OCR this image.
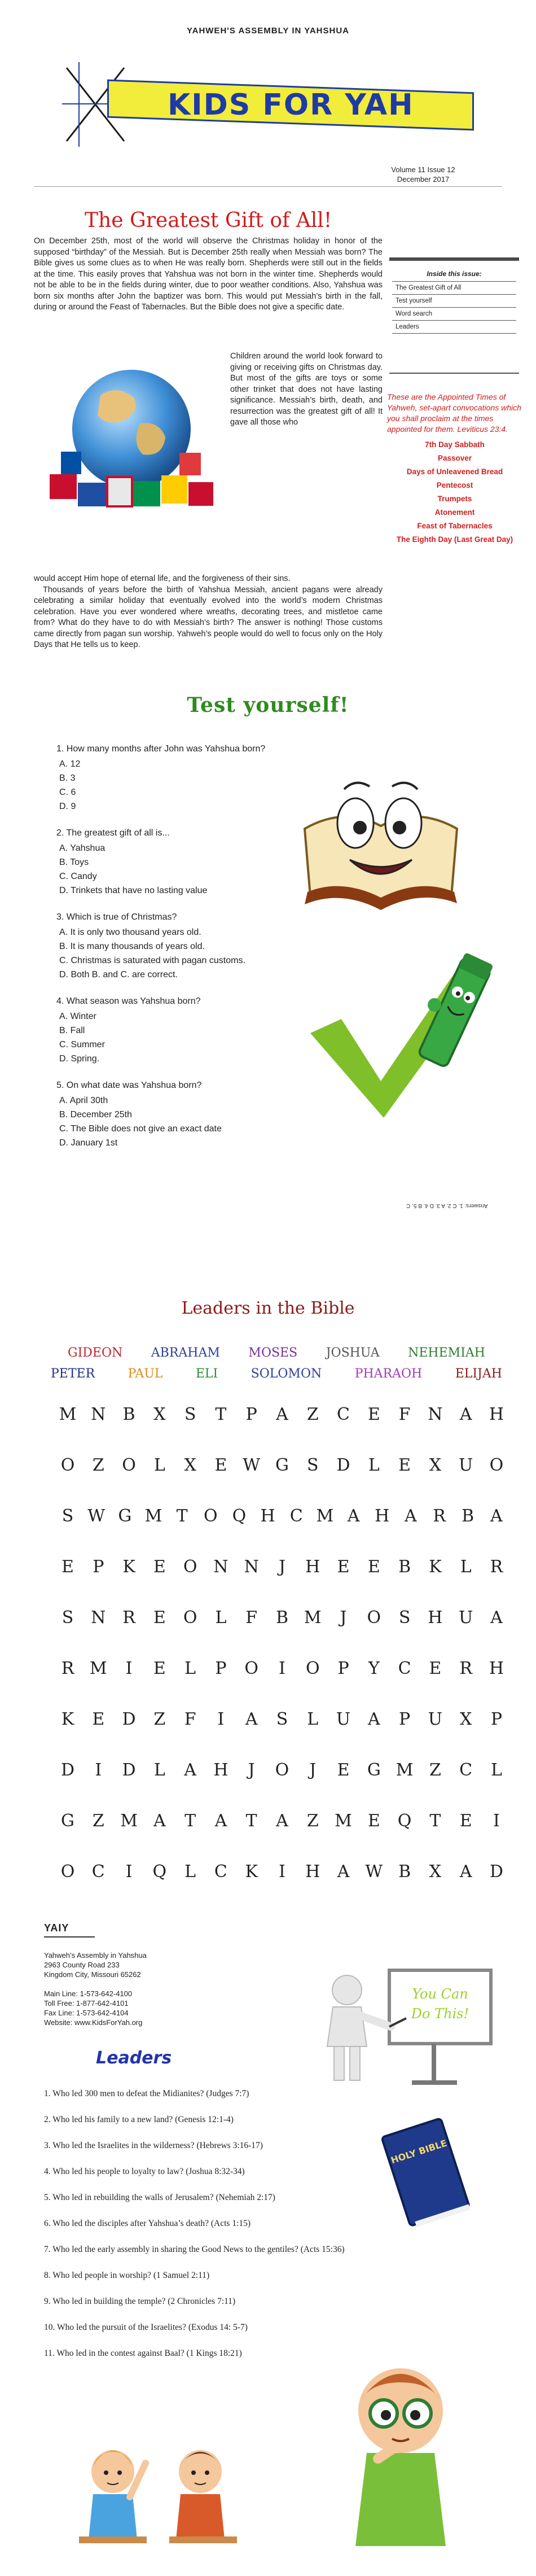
YAHWEH'S ASSEMBLY IN YAHSHUA
KIDS FOR YAH
Volume 11 Issue 12
December 2017
The Greatest Gift of All!

On December 25th, most of the world will observe the Christmas holiday in honor of the supposed “birthday” of the Messiah. But is December 25th really when Messiah was born? The Bible gives us some clues as to when He was really born. Shepherds were still out in the fields at the time. This easily proves that Yahshua was not born in the winter time. Shepherds would not be able to be in the fields during winter, due to poor weather conditions. Also, Yahshua was born six months after John the baptizer was born. This would put Messiah’s birth in the fall, during or around the Feast of Tabernacles. But the Bible does not give a specific date.

Children around the world look forward to giving or receiving gifts on Christmas day. But most of the gifts are toys or some other trinket that does not have lasting significance. Messiah’s birth, death, and resurrection was the greatest gift of all! It gave all those who

would accept Him hope of eternal life, and the forgiveness of their sins.

Thousands of years before the birth of Yahshua Messiah, ancient pagans were already celebrating a similar holiday that eventually evolved into the world’s modern Christmas celebration. Have you ever wondered where wreaths, decorating trees, and mistletoe came from? What do they have to do with Messiah’s birth? The answer is nothing! Those customs came directly from pagan sun worship. Yahweh’s people would do well to focus only on the Holy Days that He tells us to keep.

Inside this issue:
The Greatest Gift of All
Test yourself
Word search
Leaders
These are the Appointed Times of Yahweh, set-apart convocations which you shall proclaim at the times appointed for them. Leviticus 23:4.
7th Day Sabbath
Passover
Days of Unleavened Bread
Pentecost
Trumpets
Atonement
Feast of Tabernacles
The Eighth Day (Last Great Day)
Test yourself!
1. How many months after John was Yahshua born?
A. 12
B. 3
C. 6
D. 9
2. The greatest gift of all is...
A. Yahshua
B. Toys
C. Candy
D. Trinkets that have no lasting value
3. Which is true of Christmas?
A. It is only two thousand years old.
B. It is many thousands of years old.
C. Christmas is saturated with pagan customs.
D. Both B. and C. are correct.
4. What season was Yahshua born?
A. Winter
B. Fall
C. Summer
D. Spring.
5. On what date was Yahshua born?
A. April 30th
B. December 25th
C. The Bible does not give an exact date
D. January 1st
Answers: 1. C 2. A 3. D 4. B 5. C
Leaders in the Bible
GIDEON ABRAHAM MOSES JOSHUA NEHEMIAH
PETER	PAUL	ELI	SOLOMON	PHARAOH	ELIJAH
M N B	X	S	T	P	A	Z	C	E	F	N	A	H
O	Z	O	L	X	E W G	S	D	L	E	X	U O
S W G M T O Q H C M A H A R B A
E	P	K	E	O N N	J	H	E	E	B K	L	R
S	N R	E	O	L	F	B M	J	O	S	H U	A
R M	I	E	L	P	O	I	O	P	Y	C	E	R H
K	E	D	Z	F	I	A	S	L	U	A	P	U	X	P
D	I	D	L	A	H	J	O	J	E	G M Z	C	L
G	Z M A	T	A	T	A	Z M E	Q	T	E	I
O C	I	Q	L	C K	I	H	A W B	X	A	D
YAIY
Yahweh’s Assembly in Yahshua
2963 County Road 233
Kingdom City, Missouri 65262

Main Line: 1-573-642-4100
Toll Free: 1-877-642-4101
Fax Line: 1-573-642-4104
Website: www.KidsForYah.org
You Can
Do This!
Leaders
1. Who led 300 men to defeat the Midianites? (Judges 7:7)
2. Who led his family to a new land? (Genesis 12:1-4)
3. Who led the Israelites in the wilderness? (Hebrews 3:16-17)
4. Who led his people to loyalty to law? (Joshua 8:32-34)
5. Who led in rebuilding the walls of Jerusalem? (Nehemiah 2:17)
6. Who led the disciples after Yahshua’s death? (Acts 1:15)
7. Who led the early assembly in sharing the Good News to the gentiles? (Acts 15:36)
8. Who led people in worship? (1 Samuel 2:11)
9. Who led in building the temple? (2 Chronicles 7:11)
10. Who led the pursuit of the Israelites? (Exodus 14: 5-7)
11. Who led in the contest against Baal? (1 Kings 18:21)
HOLY BIBLE
